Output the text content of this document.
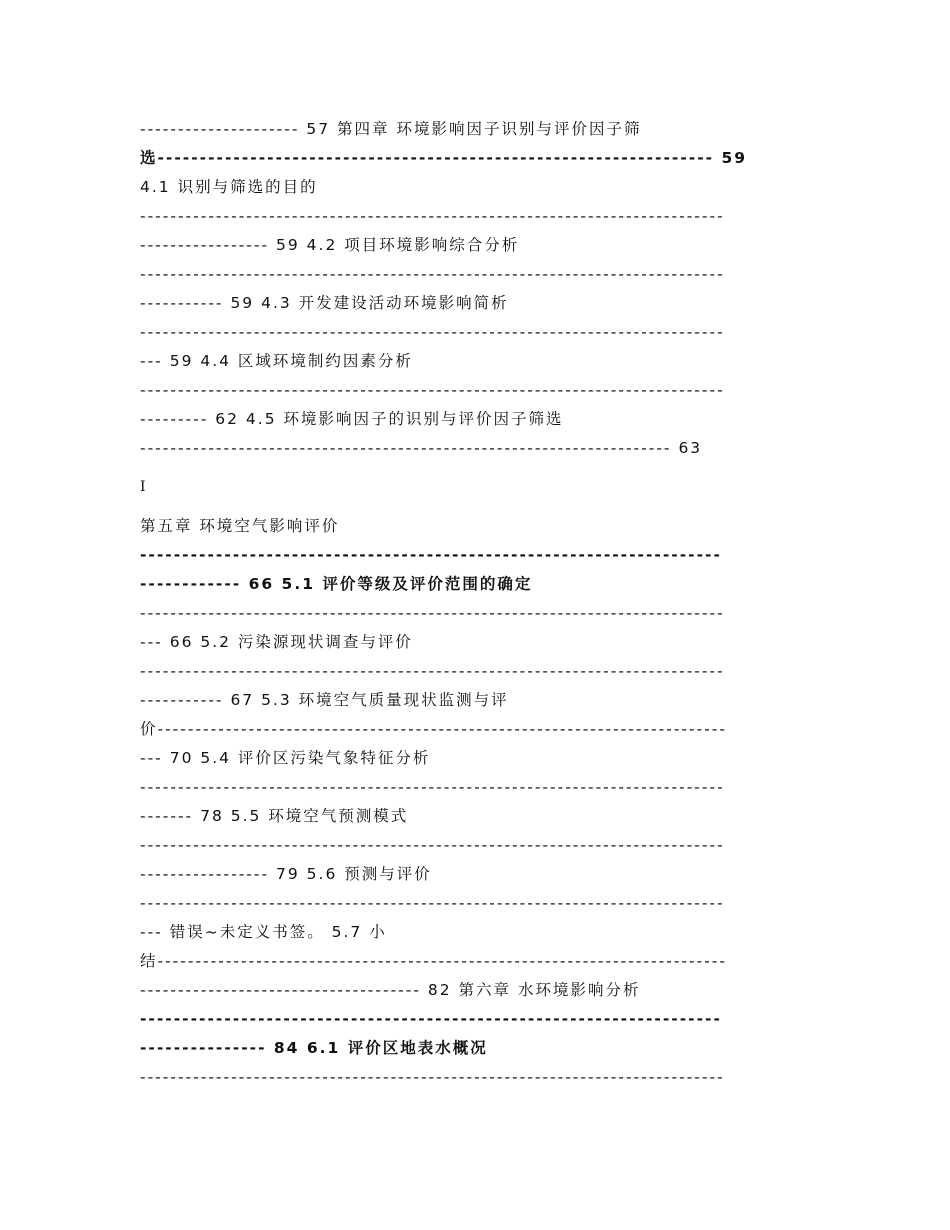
--------------------- 57 第四章 环境影响因子识别与评价因子筛
选------------------------------------------------------------------ 59
4.1 识别与筛选的目的
-----------------------------------------------------------------------------
----------------- 59 4.2 项目环境影响综合分析
-----------------------------------------------------------------------------
----------- 59 4.3 开发建设活动环境影响简析
-----------------------------------------------------------------------------
--- 59 4.4 区域环境制约因素分析
-----------------------------------------------------------------------------
--------- 62 4.5 环境影响因子的识别与评价因子筛选
---------------------------------------------------------------------- 63
I
第五章 环境空气影响评价
---------------------------------------------------------------------
------------ 66 5.1 评价等级及评价范围的确定
-----------------------------------------------------------------------------
--- 66 5.2 污染源现状调查与评价
-----------------------------------------------------------------------------
----------- 67 5.3 环境空气质量现状监测与评
价---------------------------------------------------------------------------
--- 70 5.4 评价区污染气象特征分析
-----------------------------------------------------------------------------
------- 78 5.5 环境空气预测模式
-----------------------------------------------------------------------------
----------------- 79 5.6 预测与评价
-----------------------------------------------------------------------------
--- 错误~未定义书签。 5.7 小
结---------------------------------------------------------------------------
------------------------------------- 82 第六章 水环境影响分析
---------------------------------------------------------------------
--------------- 84 6.1 评价区地表水概况
-----------------------------------------------------------------------------
